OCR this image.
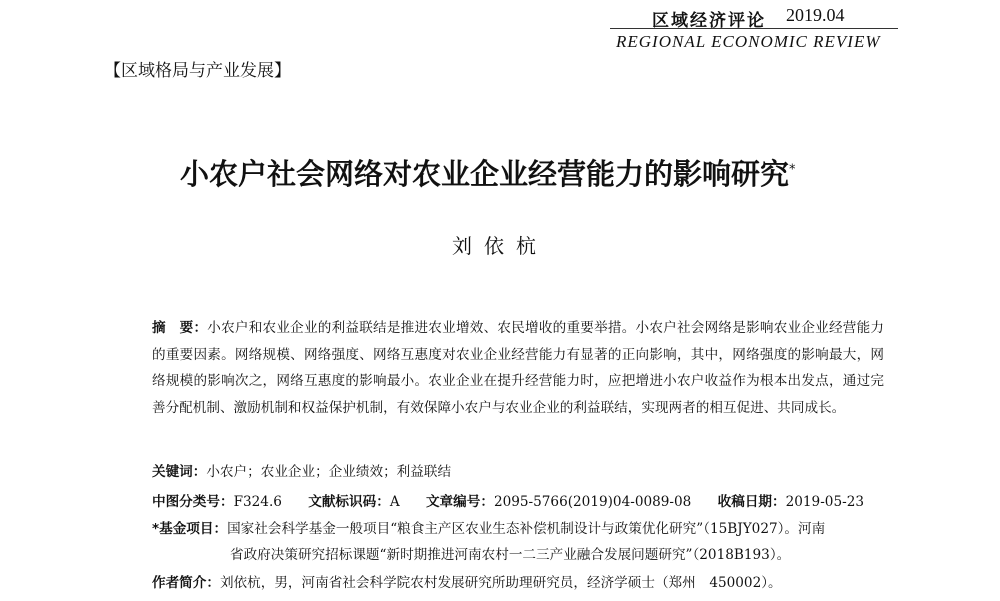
区域经济评论 2019.04
REGIONAL ECONOMIC REVIEW
【区域格局与产业发展】
小农户社会网络对农业企业经营能力的影响研究*
刘依杭
摘　要：小农户和农业企业的利益联结是推进农业增效、农民增收的重要举措。小农户社会网络是影响农业企业经营能力的重要因素。网络规模、网络强度、网络互惠度对农业企业经营能力有显著的正向影响，其中，网络强度的影响最大，网络规模的影响次之，网络互惠度的影响最小。农业企业在提升经营能力时，应把增进小农户收益作为根本出发点，通过完善分配机制、激励机制和权益保护机制，有效保障小农户与农业企业的利益联结，实现两者的相互促进、共同成长。
关键词：小农户；农业企业；企业绩效；利益联结
中图分类号：F324.6 文献标识码：A 文章编号：2095-5766(2019)04-0089-08 收稿日期：2019-05-23
*基金项目：国家社会科学基金一般项目“粮食主产区农业生态补偿机制设计与政策优化研究”（15BJY027）。河南
省政府决策研究招标课题“新时期推进河南农村一二三产业融合发展问题研究”（2018B193）。
作者简介：刘依杭，男，河南省社会科学院农村发展研究所助理研究员，经济学硕士（郑州　450002）。
